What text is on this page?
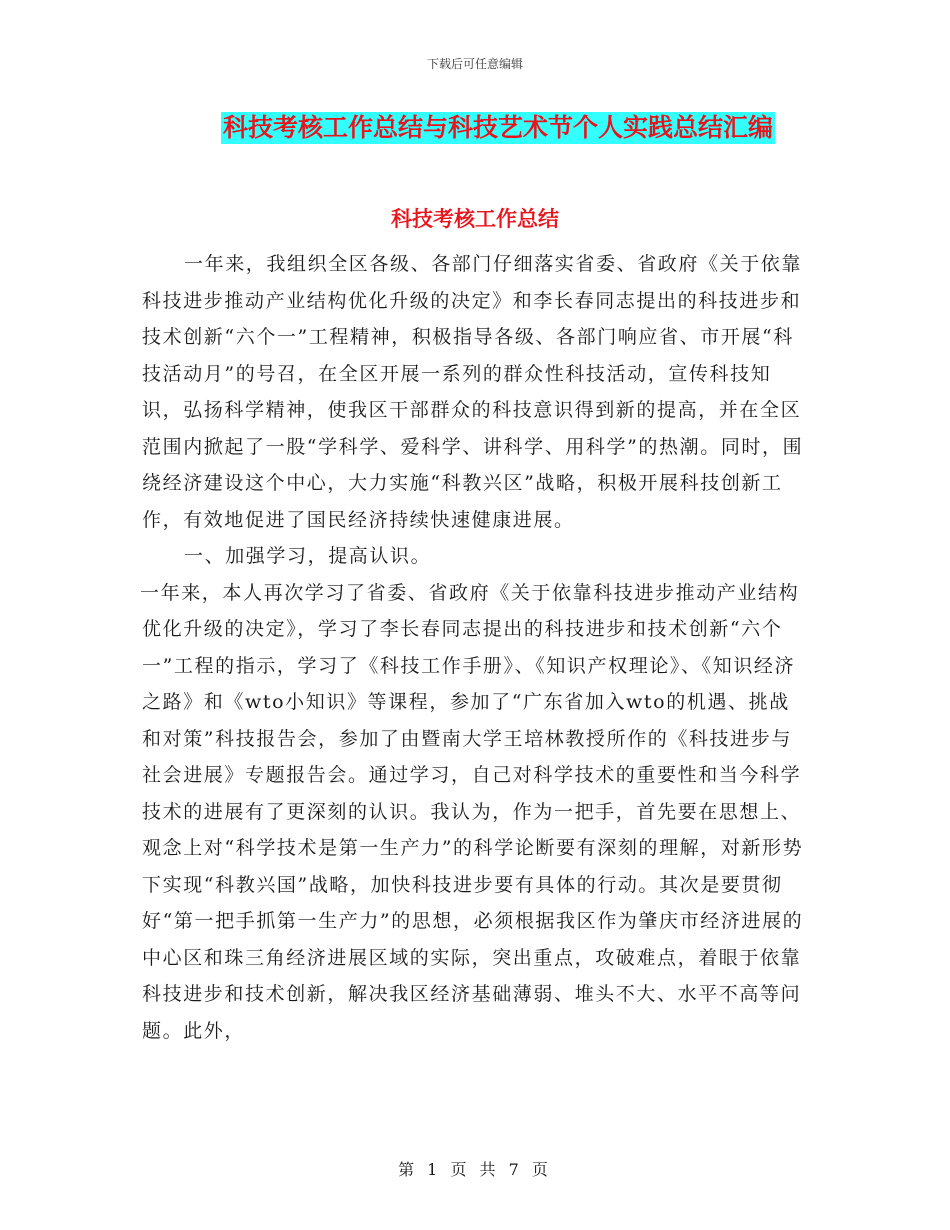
下载后可任意编辑
科技考核工作总结与科技艺术节个人实践总结汇编
科技考核工作总结

一年来，我组织全区各级、各部门仔细落实省委、省政府《关于依靠科技进步推动产业结构优化升级的决定》和李长春同志提出的科技进步和技术创新“六个一”工程精神，积极指导各级、各部门响应省、市开展“科技活动月”的号召，在全区开展一系列的群众性科技活动，宣传科技知识，弘扬科学精神，使我区干部群众的科技意识得到新的提高，并在全区范围内掀起了一股“学科学、爱科学、讲科学、用科学”的热潮。同时，围绕经济建设这个中心，大力实施“科教兴区”战略，积极开展科技创新工作，有效地促进了国民经济持续快速健康进展。

一、加强学习，提高认识。

一年来，本人再次学习了省委、省政府《关于依靠科技进步推动产业结构优化升级的决定》，学习了李长春同志提出的科技进步和技术创新“六个一”工程的指示，学习了《科技工作手册》、《知识产权理论》、《知识经济之路》和《wto小知识》等课程，参加了“广东省加入wto的机遇、挑战和对策”科技报告会，参加了由暨南大学王培林教授所作的《科技进步与社会进展》专题报告会。通过学习，自己对科学技术的重要性和当今科学技术的进展有了更深刻的认识。我认为，作为一把手，首先要在思想上、观念上对“科学技术是第一生产力”的科学论断要有深刻的理解，对新形势下实现“科教兴国”战略，加快科技进步要有具体的行动。其次是要贯彻好“第一把手抓第一生产力”的思想，必须根据我区作为肇庆市经济进展的中心区和珠三角经济进展区域的实际，突出重点，攻破难点，着眼于依靠科技进步和技术创新，解决我区经济基础薄弱、堆头不大、水平不高等问题。此外，

第 1 页 共 7 页
